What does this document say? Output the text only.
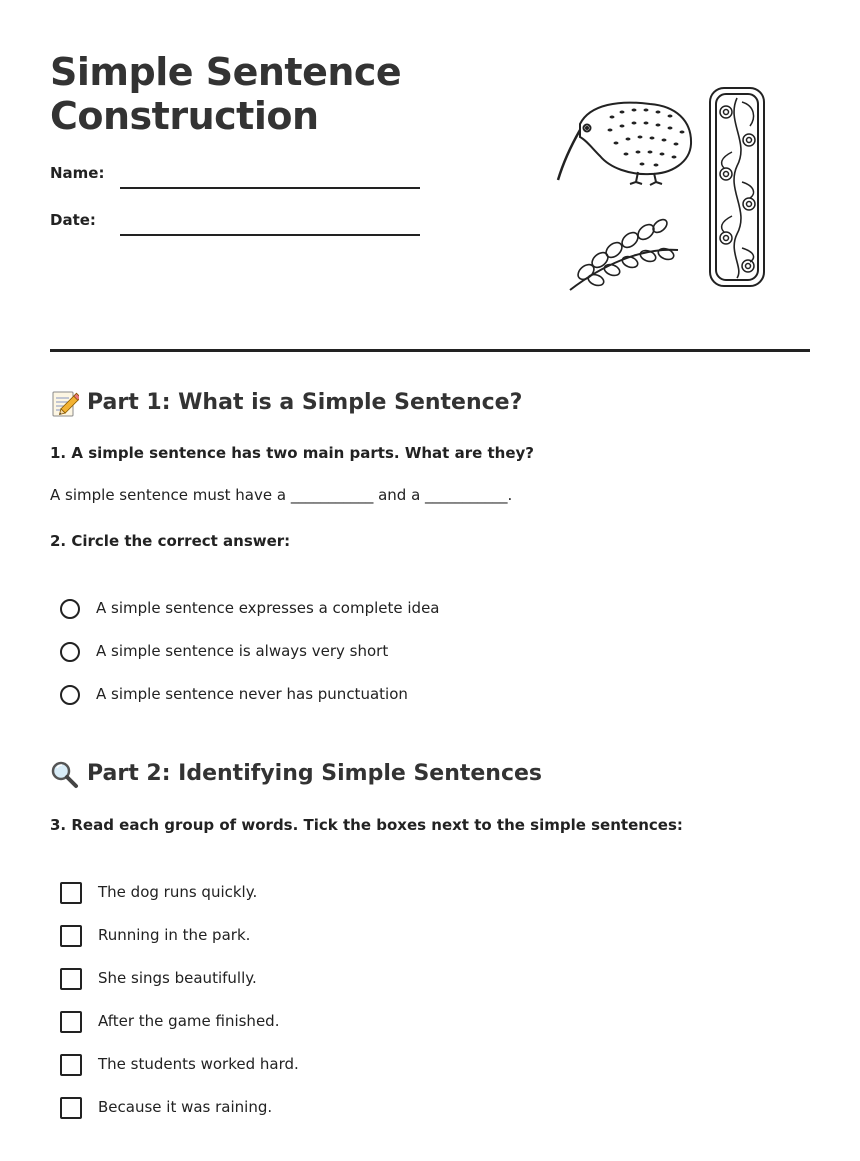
Simple Sentence Construction
Name:
Date:
Part 1: What is a Simple Sentence?
1. A simple sentence has two main parts. What are they?
A simple sentence must have a ___________ and a ___________.
2. Circle the correct answer:
A simple sentence expresses a complete idea
A simple sentence is always very short
A simple sentence never has punctuation
Part 2: Identifying Simple Sentences
3. Read each group of words. Tick the boxes next to the simple sentences:
The dog runs quickly.
Running in the park.
She sings beautifully.
After the game finished.
The students worked hard.
Because it was raining.
